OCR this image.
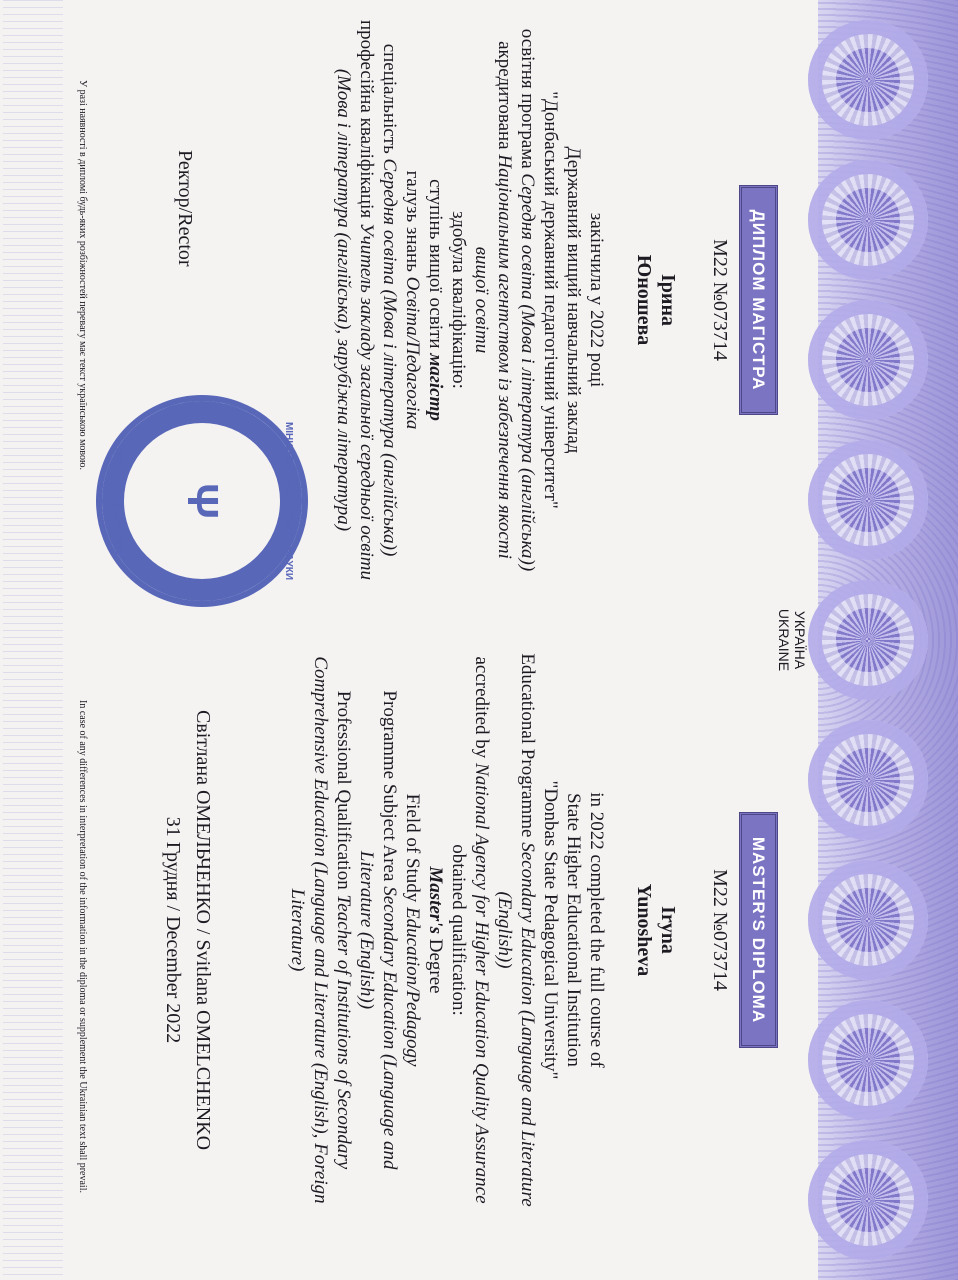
УКРАЇНА
UKRAINE
ДИПЛОМ МАГІСТРА
M22 №073714
Ірина
Юношева
закінчила у 2022 році
Державний вищий навчальний заклад
"Донбаський державний педагогічний університет"
освітня програма Середня освіта (Мова і література (англійська))
акредитована Національним агентством із забезпечення якості вищої освіти
здобула кваліфікацію:
ступінь вищої освіти магістр
галузь знань Освіта/Педагогіка
спеціальність Середня освіта (Мова і література (англійська))
професійна кваліфікація Учитель закладу загальної середньої освіти (Мова і література (англійська), зарубіжна література)
Ректор/Rector
МІНІСТЕРСТВО ОСВІТИ І НАУКИ
Ψ
УКРАЇНА * КОД 38177113
MASTER'S DIPLOMA
M22 №073714
Iryna
Yunosheva
in 2022 completed the full course of
State Higher Educational Institution
"Donbas State Pedagogical University"
Educational Programme Secondary Education (Language and Literature (English))
accredited by National Agency for Higher Education Quality Assurance
obtained qualification:
Master's Degree
Field of Study Education/Pedagogy
Programme Subject Area Secondary Education (Language and Literature (English))
Professional Qualification Teacher of Institutions of Secondary Comprehensive Education (Language and Literature (English), Foreign Literature)
Світлана ОМЕЛЬЧЕНКО / Svitlana OMELCHENKO
31 Грудня / December 2022
У разі наявності в дипломі будь-яких розбіжностей перевагу має текст українською мовою.
In case of any differences in interpretation of the information in the diploma or supplement the Ukrainian text shall prevail.
